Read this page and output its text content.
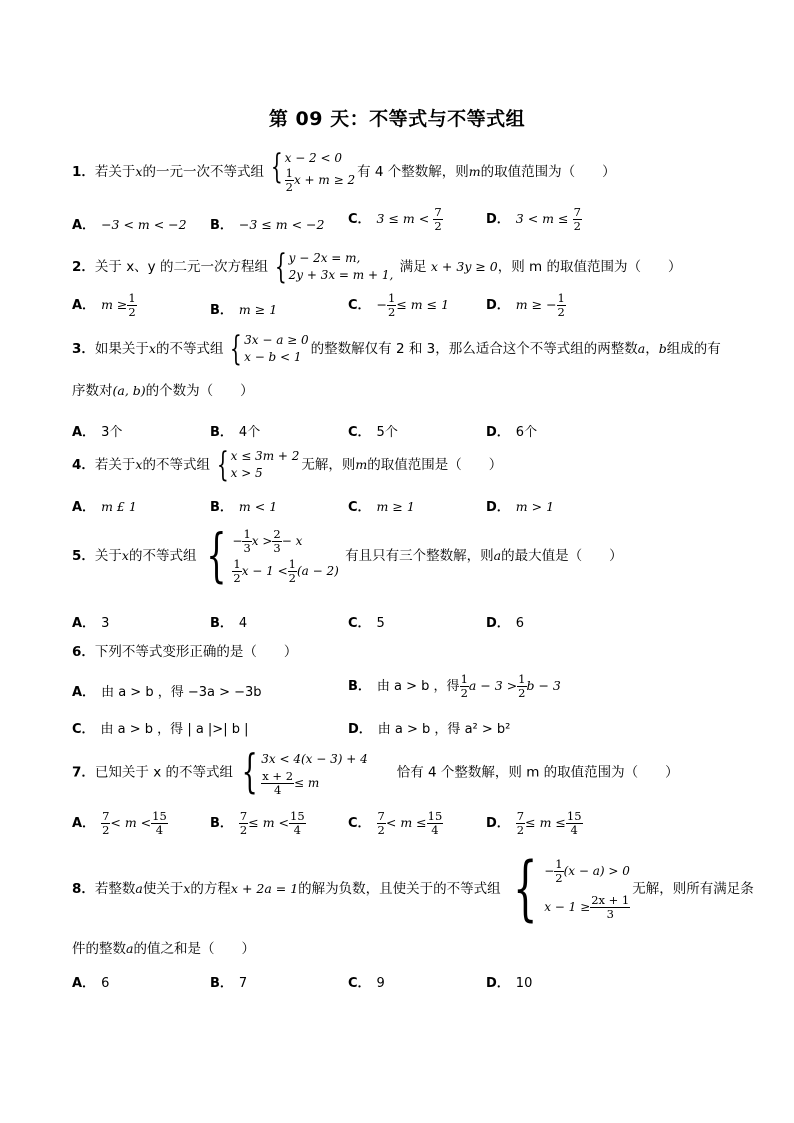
第 09 天：不等式与不等式组
1．若关于x的一元一次不等式组 { x − 2 < 0
$\frac{1}{2}$ x + m ≥ 2 有 4 个整数解，则m的取值范围为（　　）
A． −3 < m < −2 B． −3 ≤ m < −2 C． $3 \le m < \frac{7}{2}$	D． $3 < m \le \frac{7}{2}$
2．关于 x、y 的二元一次方程组 { y − 2x = m,
2y + 3x = m + 1, 满足 x + 3y ≥ 0，则 m 的取值范围为（　　）
A． $m \ge \frac{1}{2}$	B． m ≥ 1	C． − $\frac{1}{2} \le m \le 1$	D． m ≥ − $\frac{1}{2}$
3．如果关于x的不等式组 { 3x − a ≥ 0
x − b < 1 的整数解仅有 2 和 3，那么适合这个不等式组的两整数a，b组成的有
序数对(a, b)的个数为（　　）
A． 3个	B． 4个	C． 5个	D． 6个
4．若关于x的不等式组 { x ≤ 3m + 2
x > 5	无解，则m的取值范围是（　　）
A． m £ 1	B． m < 1	C． m ≥ 1	D． m > 1
5．关于x的不等式组 { − $\frac{1}{3}$ $x > \frac{2}{3} - x$
$\frac{1}{2}$ $x - 1 < \frac{1}{2} (a - 2)$
有且只有三个整数解，则a的最大值是（　　）
A． 3	B． 4	C． 5	D． 6
6．下列不等式变形正确的是（　　）
A． 由 a > b ，得 −3a > −3b	B． 由 a > b ，得 $\frac{1}{2}$ $a - 3 > \frac{1}{2}$ b − 3
C． 由 a > b ，得 | a |>| b |	D． 由 a > b ，得 a² > b²
7．已知关于 x 的不等式组 { 3x < 4(x − 3) + 4
$\frac{x + 2}{4} \le m$
　　恰有 4 个整数解，则 m 的取值范围为（　　）
A． $\frac{7}{2} < m < \frac{15}{4}$	B． $\frac{7}{2} \le m < \frac{15}{4}$	C． $\frac{7}{2} < m \le \frac{15}{4}$	D． $\frac{7}{2} \le m \le \frac{15}{4}$
8．若整数a使关于x的方程x + 2a = 1的解为负数，且使关于的不等式组 { − $\frac{1}{2} (x - a) > 0$
$x - 1 \ge \frac{2x + 1}{3}$
无解，则所有满足条
件的整数a的值之和是（　　）
A． 6	B． 7	C． 9	D． 10
